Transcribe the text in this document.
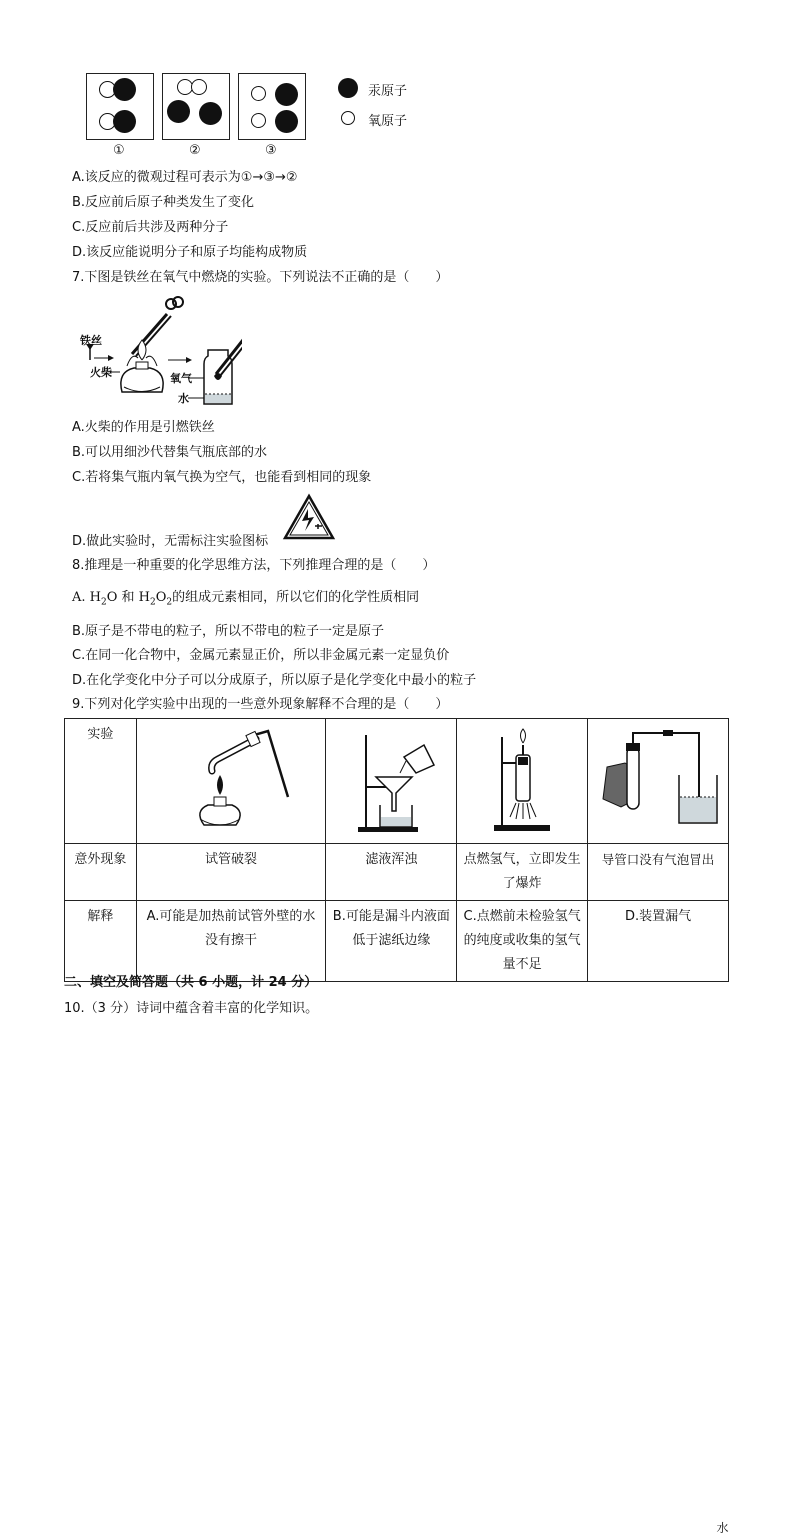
①	②	③
汞原子
氧原子
A.该反应的微观过程可表示为①→③→②
B.反应前后原子种类发生了变化
C.反应前后共涉及两种分子
D.该反应能说明分子和原子均能构成物质
7.下图是铁丝在氧气中燃烧的实验。下列说法不正确的是（　　）
铁丝
火柴	氧气
水
A.火柴的作用是引燃铁丝
B.可以用细沙代替集气瓶底部的水
C.若将集气瓶内氧气换为空气，也能看到相同的现象
D.做此实验时，无需标注实验图标
8.推理是一种重要的化学思维方法，下列推理合理的是（　　）
A. $H_2O$ 和 $H_2O_2$的组成元素相同，所以它们的化学性质相同
B.原子是不带电的粒子，所以不带电的粒子一定是原子
C.在同一化合物中，金属元素显正价，所以非金属元素一定显负价
D.在化学变化中分子可以分成原子，所以原子是化学变化中最小的粒子
9.下列对化学实验中出现的一些意外现象解释不合理的是（　　）
实验				水

意外现象	试管破裂	滤液浑浊	点燃氢气，立即发生了爆炸	导管口没有气泡冒出

解释	A.可能是加热前试管外壁的水没有擦干	B.可能是漏斗内液面低于滤纸边缘	C.点燃前未检验氢气的纯度或收集的氢气量不足	D.装置漏气
二、填空及简答题（共 6 小题，计 24 分）
10.（3 分）诗词中蕴含着丰富的化学知识。
